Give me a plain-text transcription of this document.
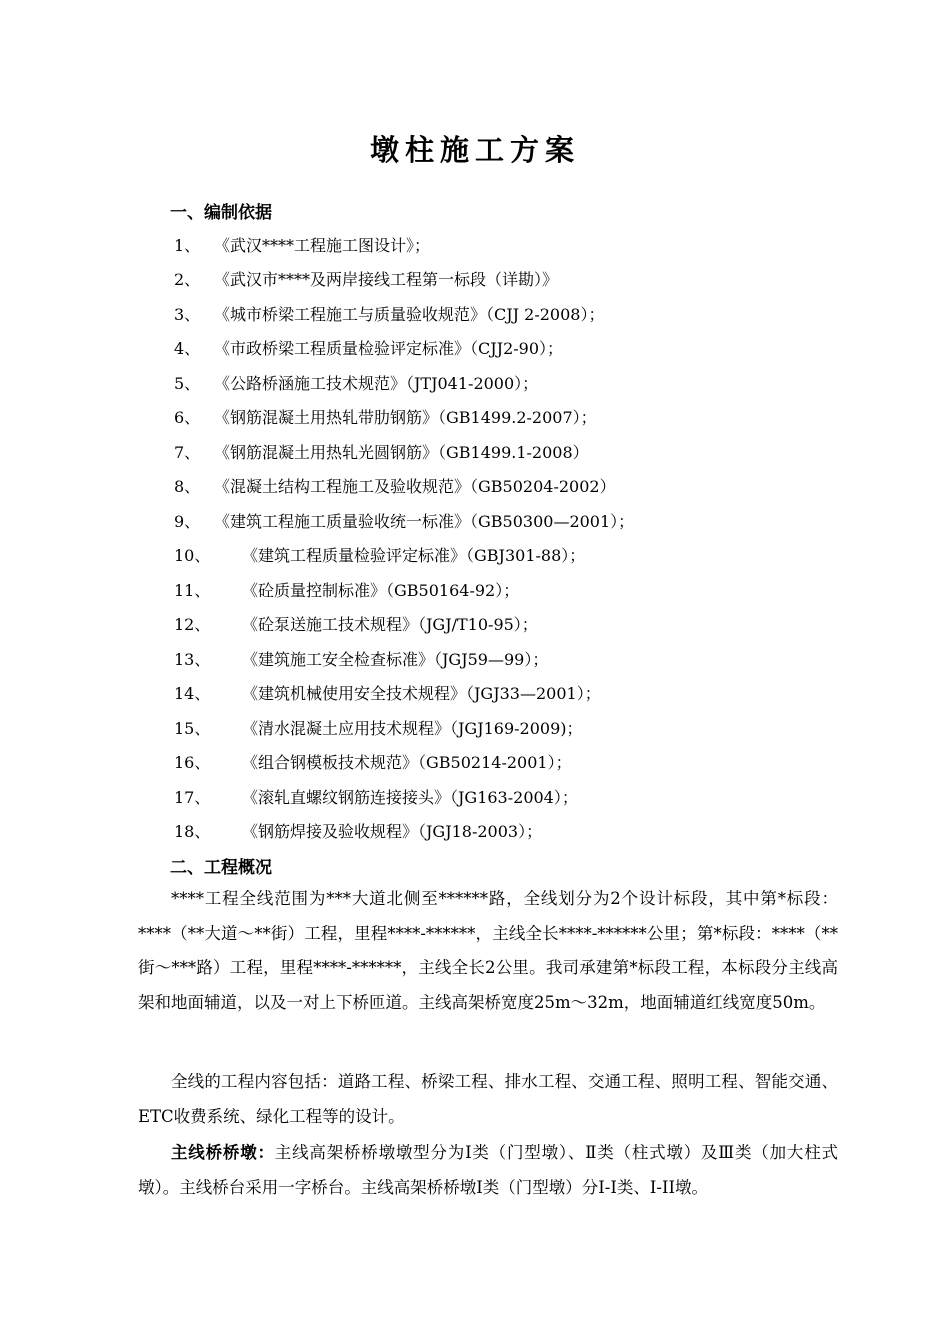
墩柱施工方案
一、编制依据
1、 《武汉****工程施工图设计》；
2、 《武汉市****及两岸接线工程第一标段（详勘）》
3、 《城市桥梁工程施工与质量验收规范》（CJJ 2-2008）；
4、 《市政桥梁工程质量检验评定标准》（CJJ2-90）；
5、 《公路桥涵施工技术规范》（JTJ041-2000）；
6、 《钢筋混凝土用热轧带肋钢筋》（GB1499.2-2007）；
7、 《钢筋混凝土用热轧光圆钢筋》（GB1499.1-2008）
8、 《混凝土结构工程施工及验收规范》（GB50204-2002）
9、 《建筑工程施工质量验收统一标准》（GB50300—2001）；
10、 《建筑工程质量检验评定标准》（GBJ301-88）；
11、 《砼质量控制标准》（GB50164-92）；
12、 《砼泵送施工技术规程》（JGJ/T10-95）；
13、 《建筑施工安全检查标准》（JGJ59—99）；
14、 《建筑机械使用安全技术规程》（JGJ33—2001）；
15、 《清水混凝土应用技术规程》（JGJ169-2009)；
16、 《组合钢模板技术规范》（GB50214-2001）；
17、 《滚轧直螺纹钢筋连接接头》（JG163-2004）；
18、 《钢筋焊接及验收规程》（JGJ18-2003）；
二、工程概况
****工程全线范围为***大道北侧至******路，全线划分为2个设计标段，其中第*标段：****（**大道～**街）工程，里程****-******，主线全长****-******公里；第*标段：****（**街～***路）工程，里程****-******，主线全长2公里。我司承建第*标段工程，本标段分主线高架和地面辅道，以及一对上下桥匝道。主线高架桥宽度25m～32m，地面辅道红线宽度50m。
全线的工程内容包括：道路工程、桥梁工程、排水工程、交通工程、照明工程、智能交通、ETC收费系统、绿化工程等的设计。
主线桥桥墩：主线高架桥桥墩墩型分为Ⅰ类（门型墩）、Ⅱ类（柱式墩）及Ⅲ类（加大柱式墩）。主线桥台采用一字桥台。主线高架桥桥墩Ⅰ类（门型墩）分I-I类、I-II墩。
